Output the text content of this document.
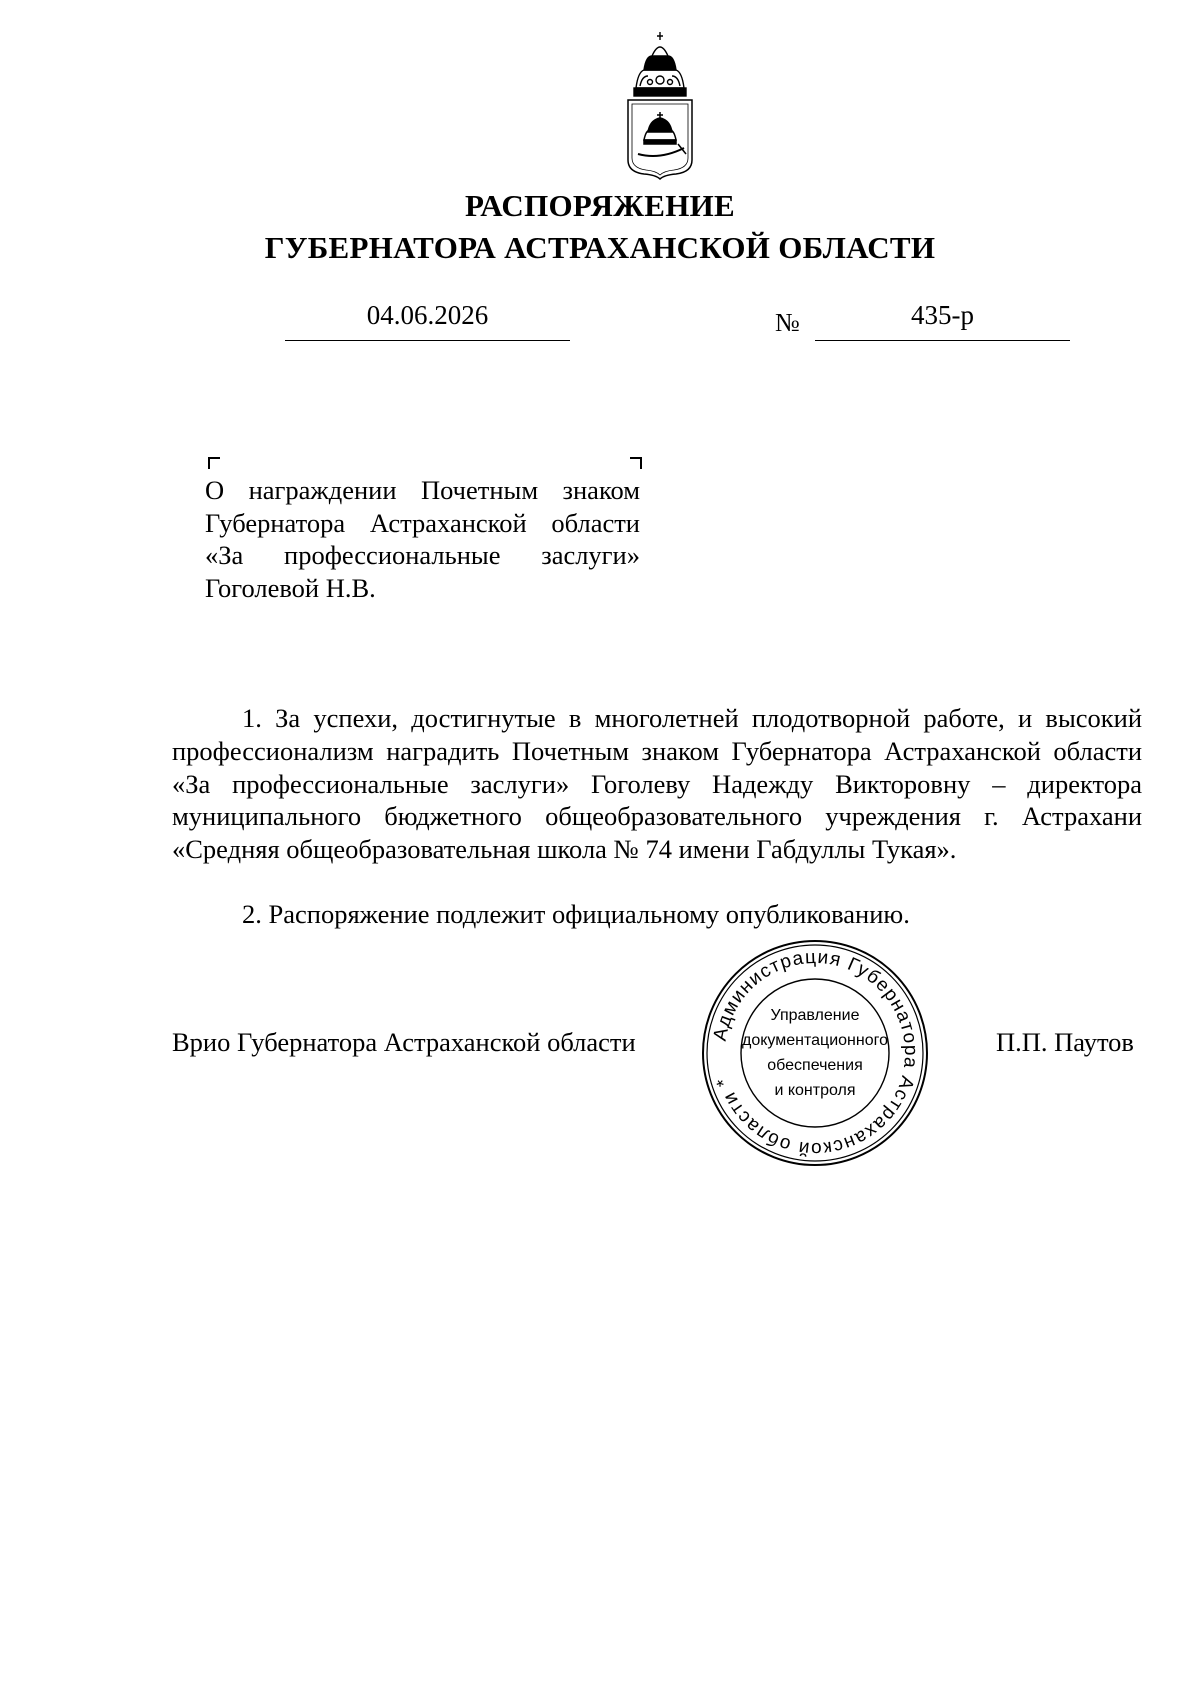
РАСПОРЯЖЕНИЕ
ГУБЕРНАТОРА АСТРАХАНСКОЙ ОБЛАСТИ
04.06.2026	№	435-р
О награждении Почетным знаком Губернатора Астраханской области «За профессиональные заслуги» Гоголевой Н.В.
1. За успехи, достигнутые в многолетней плодотворной работе, и высокий профессионализм наградить Почетным знаком Губернатора Астраханской области «За профессиональные заслуги» Гоголеву Надежду Викторовну – директора муниципального бюджетного общеобразовательного учреждения г. Астрахани «Средняя общеобразовательная школа № 74 имени Габдуллы Тукая».
2. Распоряжение подлежит официальному опубликованию.
Врио Губернатора Астраханской области	П.П. Паутов
Администрация Губернатора Астраханской области *
Управление
документационного
обеспечения
и контроля
